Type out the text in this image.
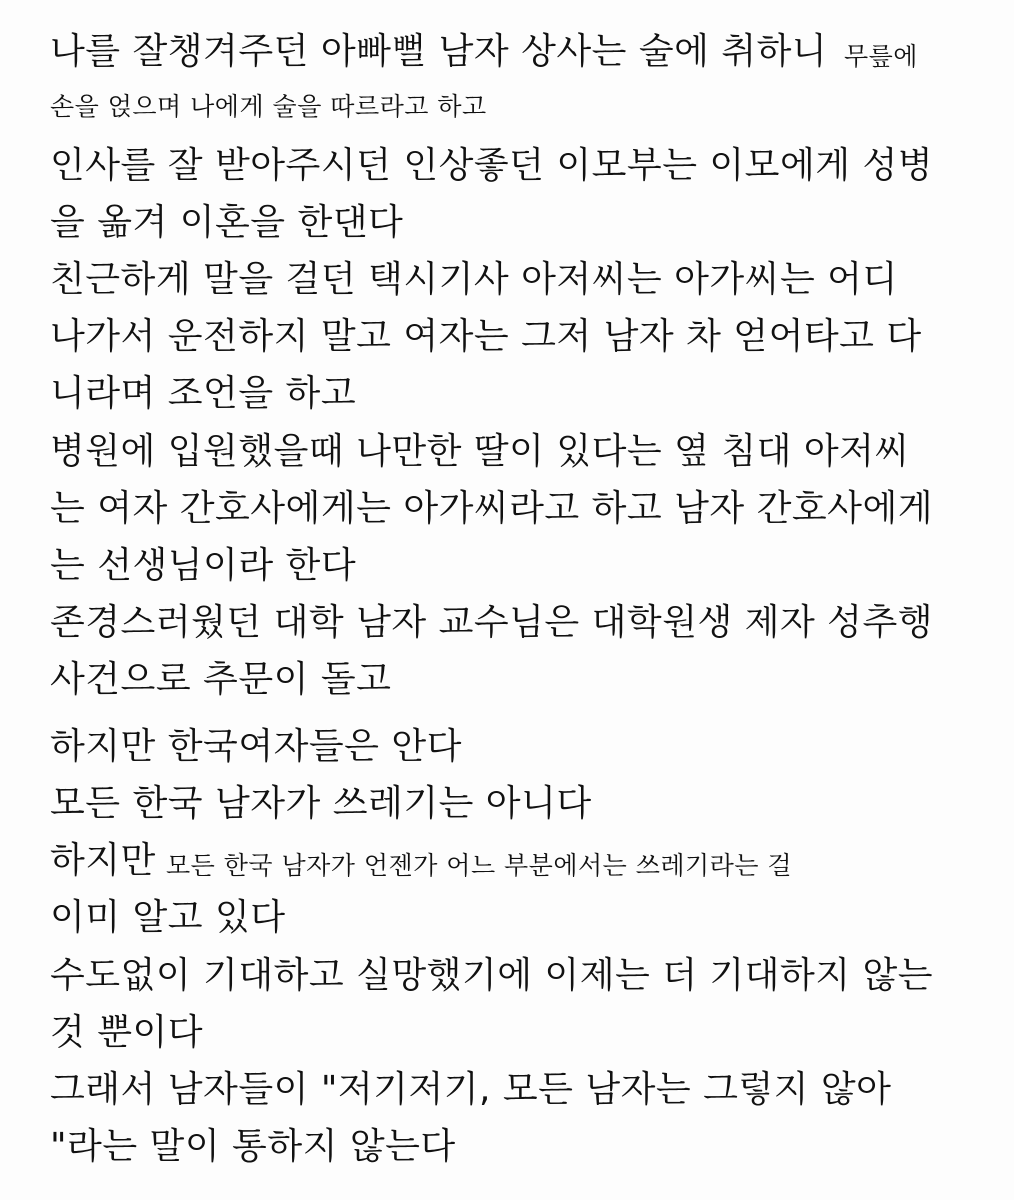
나를 잘챙겨주던 아빠뻘 남자 상사는 술에 취하니 무릎에
손을 얹으며 나에게 술을 따르라고 하고
인사를 잘 받아주시던 인상좋던 이모부는 이모에게 성병
을 옮겨 이혼을 한댄다
친근하게 말을 걸던 택시기사 아저씨는 아가씨는 어디
나가서 운전하지 말고 여자는 그저 남자 차 얻어타고 다
니라며 조언을 하고
병원에 입원했을때 나만한 딸이 있다는 옆 침대 아저씨
는 여자 간호사에게는 아가씨라고 하고 남자 간호사에게
는 선생님이라 한다
존경스러웠던 대학 남자 교수님은 대학원생 제자 성추행
사건으로 추문이 돌고
하지만 한국여자들은 안다
모든 한국 남자가 쓰레기는 아니다
하지만 모든 한국 남자가 언젠가 어느 부분에서는 쓰레기라는 걸
이미 알고 있다
수도없이 기대하고 실망했기에 이제는 더 기대하지 않는
것 뿐이다
그래서 남자들이 "저기저기, 모든 남자는 그렇지 않아
"라는 말이 통하지 않는다
